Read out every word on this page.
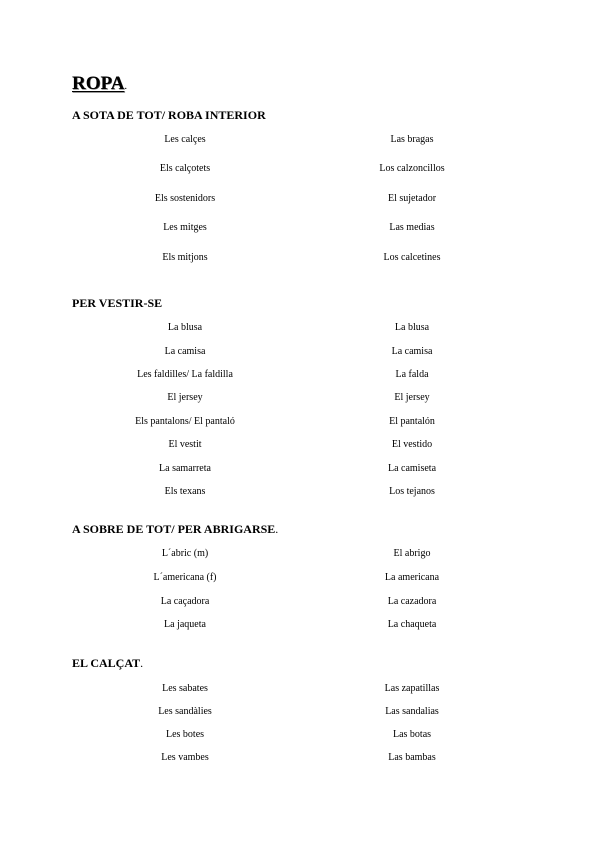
ROPA.
A SOTA DE TOT/ ROBA INTERIOR
Les calçes	Las bragas
Els calçotets	Los calzoncillos
Els sostenidors	El sujetador
Les mitges	Las medias
Els mitjons	Los calcetines
PER VESTIR-SE
La blusa	La blusa
La camisa	La camisa
Les faldilles/ La faldilla	La falda
El jersey	El jersey
Els pantalons/ El pantaló	El pantalón
El vestit	El vestido
La samarreta	La camiseta
Els texans	Los tejanos
A SOBRE DE TOT/ PER ABRIGARSE.
L´abric (m)	El abrigo
L´americana (f)	La americana
La caçadora	La cazadora
La jaqueta	La chaqueta
EL CALÇAT.
Les sabates	Las zapatillas
Les sandàlies	Las sandalias
Les botes	Las botas
Les vambes	Las bambas
